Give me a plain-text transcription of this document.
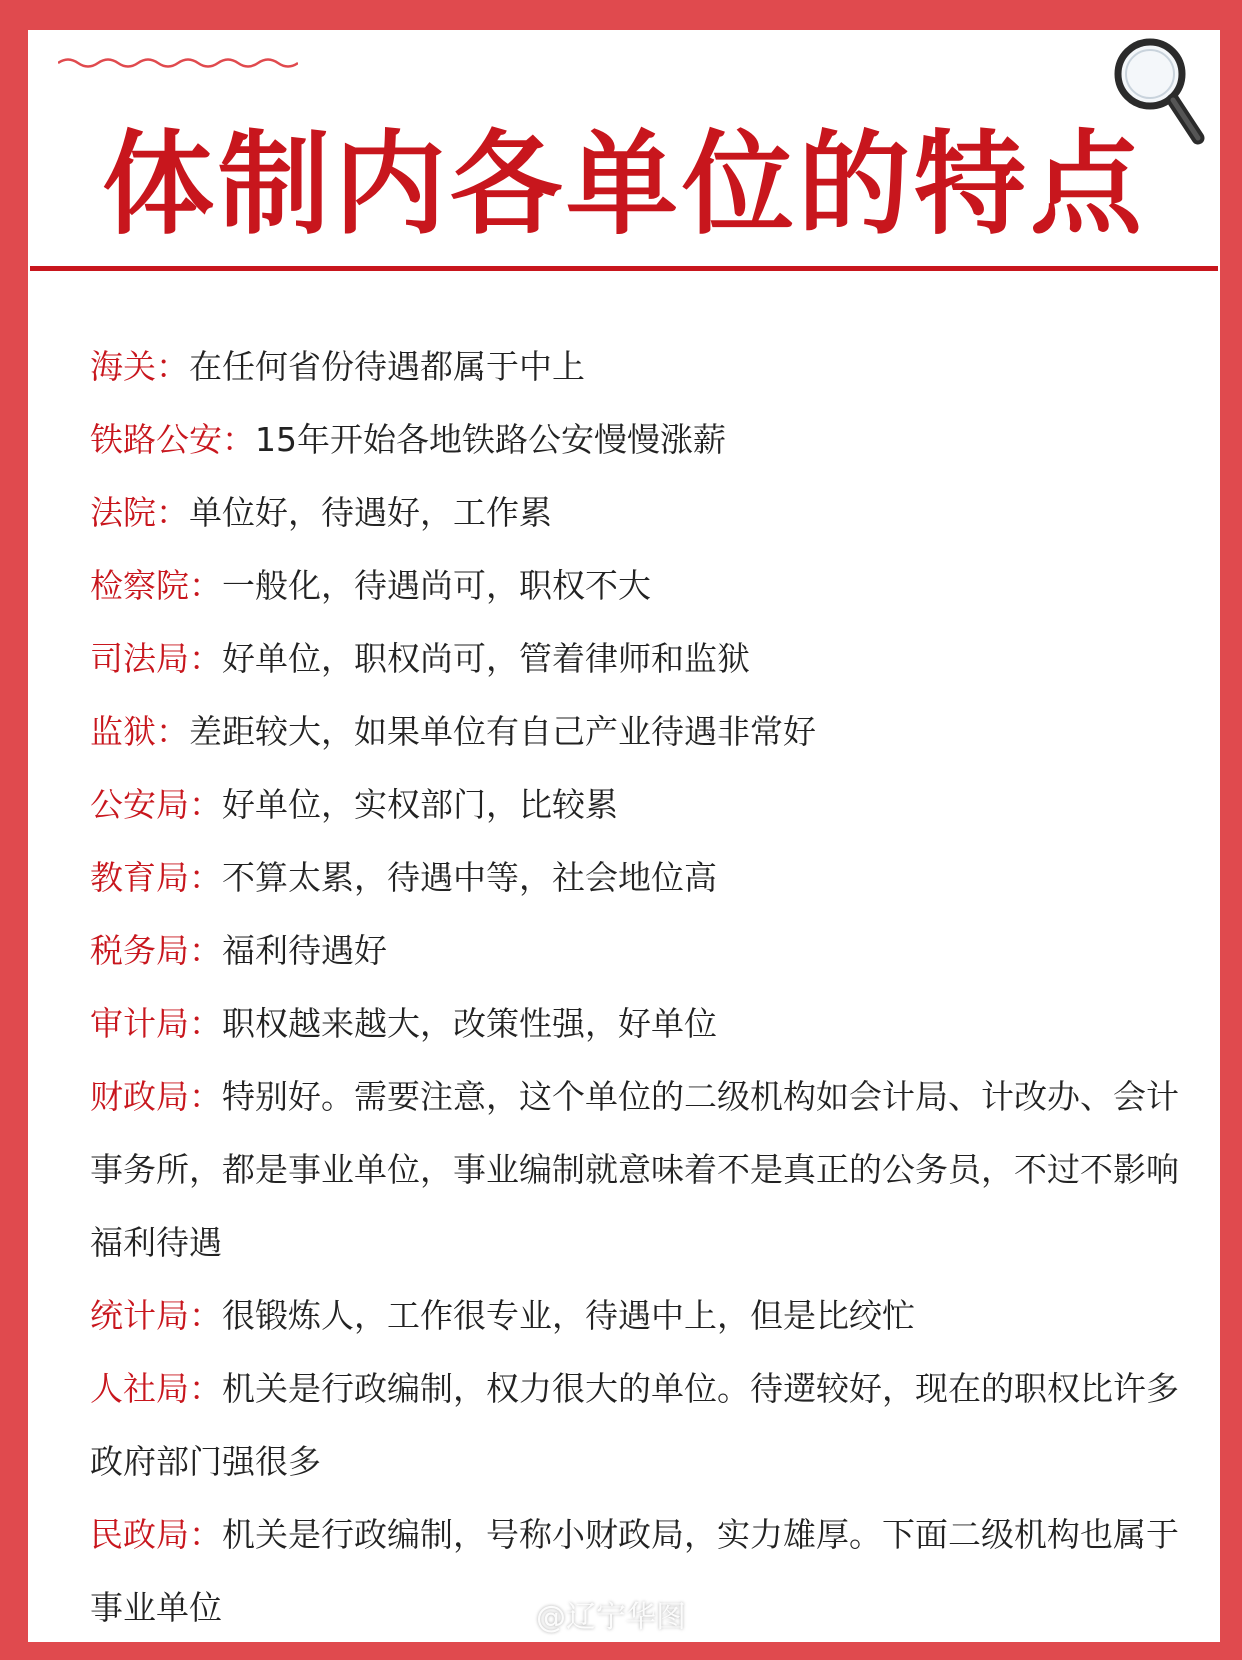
体制内各单位的特点
海关：在任何省份待遇都属于中上
铁路公安：15年开始各地铁路公安慢慢涨薪
法院：单位好，待遇好，工作累
检察院：一般化，待遇尚可，职权不大
司法局：好单位，职权尚可，管着律师和监狱
监狱：差距较大，如果单位有自己产业待遇非常好
公安局：好单位，实权部门，比较累
教育局：不算太累，待遇中等，社会地位高
税务局：福利待遇好
审计局：职权越来越大，改策性强，好单位
财政局：特别好。需要注意，这个单位的二级机构如会计局、计改办、会计事务所，都是事业单位，事业编制就意味着不是真正的公务员，不过不影响福利待遇
统计局：很锻炼人，工作很专业，待遇中上，但是比绞忙
人社局：机关是行政编制，权力很大的单位。待遻较好，现在的职权比许多政府部门强很多
民政局：机关是行政编制，号称小财政局，实力雄厚。下面二级机构也属于事业单位	@辽宁华图
